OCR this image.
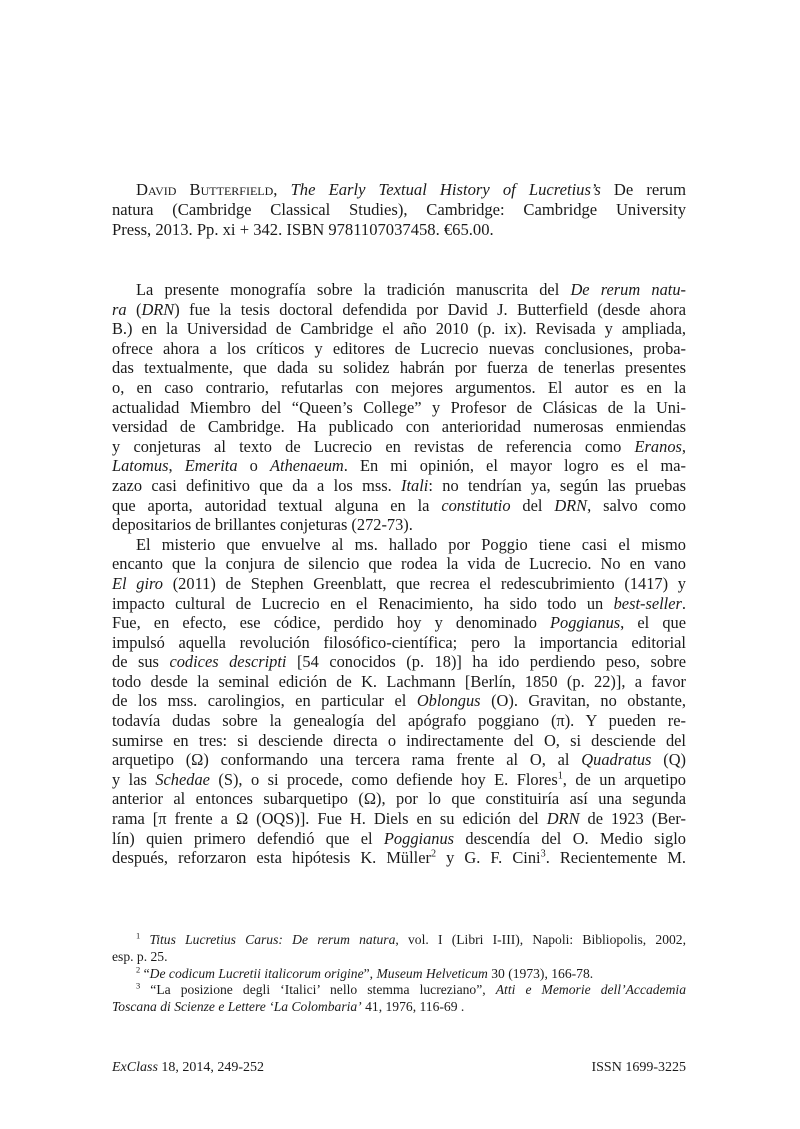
David Butterfield, The Early Textual History of Lucretius’s De rerum
natura (Cambridge Classical Studies), Cambridge: Cambridge University
Press, 2013. Pp. xi + 342. ISBN 9781107037458. €65.00.
La presente monografía sobre la tradición manuscrita del De rerum natu-
ra (DRN) fue la tesis doctoral defendida por David J. Butterfield (desde ahora
B.) en la Universidad de Cambridge el año 2010 (p. ix). Revisada y ampliada,
ofrece ahora a los críticos y editores de Lucrecio nuevas conclusiones, proba-
das textualmente, que dada su solidez habrán por fuerza de tenerlas presentes
o, en caso contrario, refutarlas con mejores argumentos. El autor es en la
actualidad Miembro del “Queen’s College” y Profesor de Clásicas de la Uni-
versidad de Cambridge. Ha publicado con anterioridad numerosas enmiendas
y conjeturas al texto de Lucrecio en revistas de referencia como Eranos,
Latomus, Emerita o Athenaeum. En mi opinión, el mayor logro es el ma-
zazo casi definitivo que da a los mss. Itali: no tendrían ya, según las pruebas
que aporta, autoridad textual alguna en la constitutio del DRN, salvo como
depositarios de brillantes conjeturas (272-73).
El misterio que envuelve al ms. hallado por Poggio tiene casi el mismo
encanto que la conjura de silencio que rodea la vida de Lucrecio. No en vano
El giro (2011) de Stephen Greenblatt, que recrea el redescubrimiento (1417) y
impacto cultural de Lucrecio en el Renacimiento, ha sido todo un best-seller.
Fue, en efecto, ese códice, perdido hoy y denominado Poggianus, el que
impulsó aquella revolución filosófico-científica; pero la importancia editorial
de sus codices descripti [54 conocidos (p. 18)] ha ido perdiendo peso, sobre
todo desde la seminal edición de K. Lachmann [Berlín, 1850 (p. 22)], a favor
de los mss. carolingios, en particular el Oblongus (O). Gravitan, no obstante,
todavía dudas sobre la genealogía del apógrafo poggiano (π). Y pueden re-
sumirse en tres: si desciende directa o indirectamente del O, si desciende del
arquetipo (Ω) conformando una tercera rama frente al O, al Quadratus (Q)
y las Schedae (S), o si procede, como defiende hoy E. Flores$^1$, de un arquetipo
anterior al entonces subarquetipo (Ω), por lo que constituiría así una segunda
rama [π frente a Ω (OQS)]. Fue H. Diels en su edición del DRN de 1923 (Ber-
lín) quien primero defendió que el Poggianus descendía del O. Medio siglo
después, reforzaron esta hipótesis K. Müller$^2$ y G. F. Cini$^3$. Recientemente M.
$^1$ Titus Lucretius Carus: De rerum natura, vol. I (Libri I-III), Napoli: Bibliopolis, 2002,
esp. p. 25.
$^2$ “De codicum Lucretii italicorum origine”, Museum Helveticum 30 (1973), 166-78.
$^3$ “La posizione degli ‘Italici’ nello stemma lucreziano”, Atti e Memorie dell’Accademia
Toscana di Scienze e Lettere ‘La Colombaria’ 41, 1976, 116-69 .
ExClass 18, 2014, 249-252	ISSN 1699-3225
